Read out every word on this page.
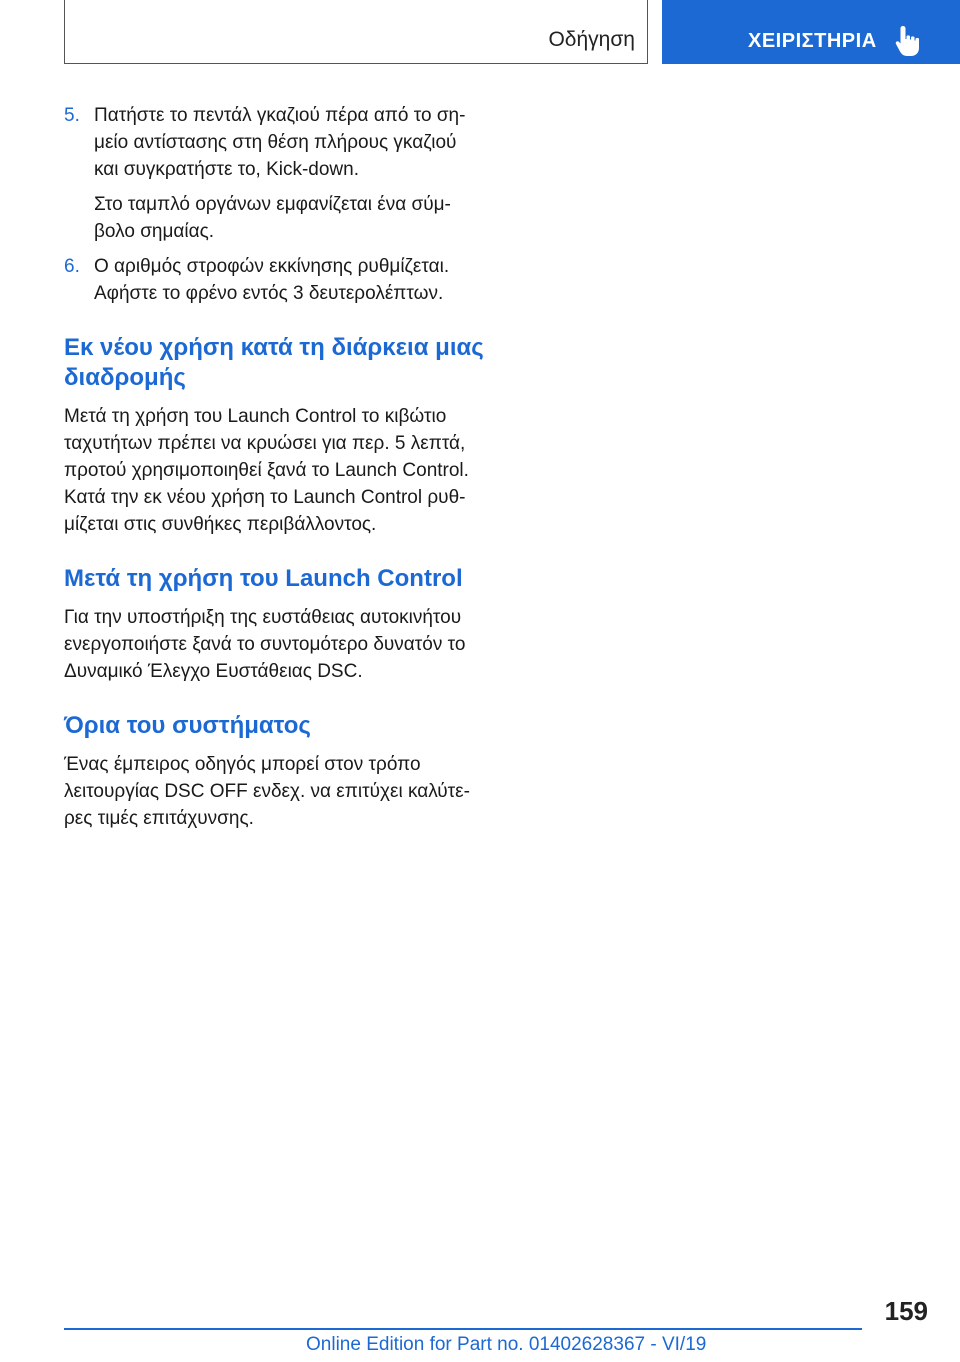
Οδήγηση	ΧΕΙΡΙΣΤΗΡΙΑ
5. Πατήστε το πεντάλ γκαζιού πέρα από το ση-μείο αντίστασης στη θέση πλήρους γκαζιού και συγκρατήστε το, Kick-down.

Στο ταμπλό οργάνων εμφανίζεται ένα σύμ-βολο σημαίας.

6. Ο αριθμός στροφών εκκίνησης ρυθμίζεται. Αφήστε το φρένο εντός 3 δευτερολέπτων.

Εκ νέου χρήση κατά τη διάρκεια μιας διαδρομής

Μετά τη χρήση του Launch Control το κιβώτιο ταχυτήτων πρέπει να κρυώσει για περ. 5 λεπτά, προτού χρησιμοποιηθεί ξανά το Launch Control. Κατά την εκ νέου χρήση το Launch Control ρυθ-μίζεται στις συνθήκες περιβάλλοντος.

Μετά τη χρήση του Launch Control

Για την υποστήριξη της ευστάθειας αυτοκινήτου ενεργοποιήστε ξανά το συντομότερο δυνατόν το Δυναμικό Έλεγχο Ευστάθειας DSC.

Όρια του συστήματος

Ένας έμπειρος οδηγός μπορεί στον τρόπο λειτουργίας DSC OFF ενδεχ. να επιτύχει καλύτε-ρες τιμές επιτάχυνσης.

159
Online Edition for Part no. 01402628367 - VI/19
